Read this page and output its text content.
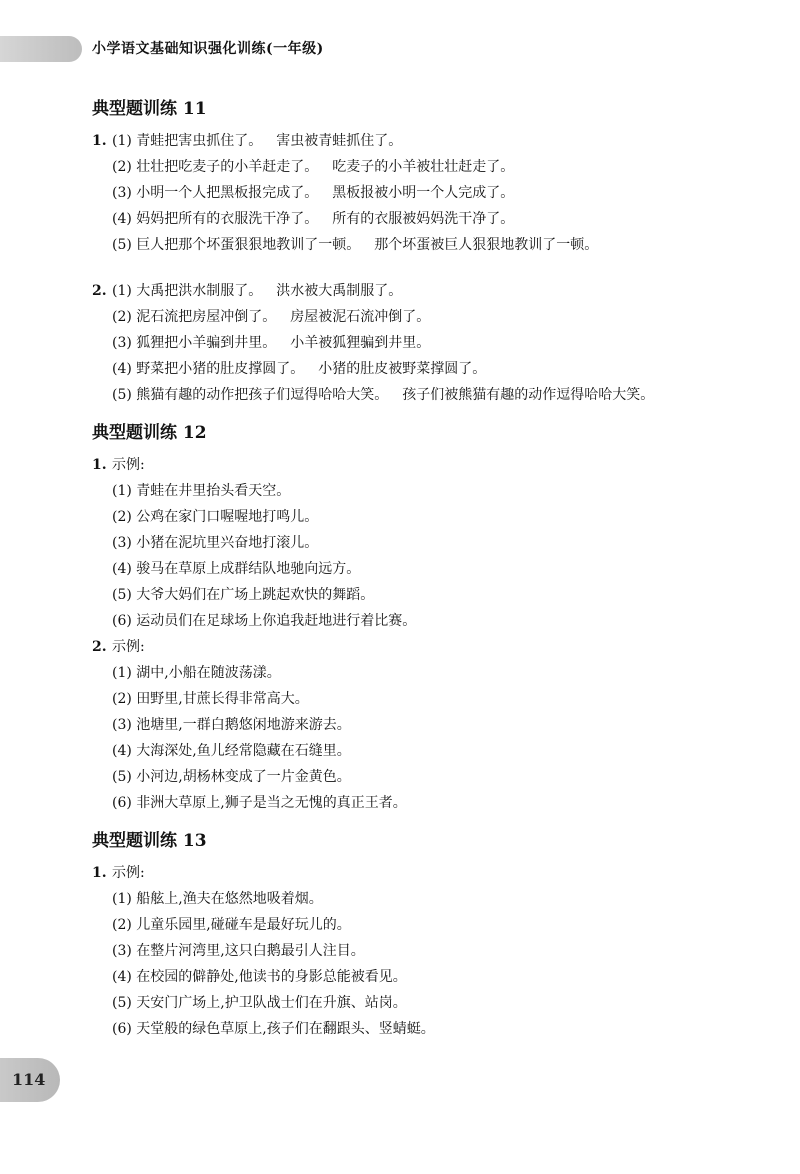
小学语文基础知识强化训练(一年级)
典型题训练 11
1. (1) 青蛙把害虫抓住了。 害虫被青蛙抓住了。
(2) 壮壮把吃麦子的小羊赶走了。 吃麦子的小羊被壮壮赶走了。
(3) 小明一个人把黑板报完成了。 黑板报被小明一个人完成了。
(4) 妈妈把所有的衣服洗干净了。 所有的衣服被妈妈洗干净了。
(5) 巨人把那个坏蛋狠狠地教训了一顿。 那个坏蛋被巨人狠狠地教训了一顿。
2. (1) 大禹把洪水制服了。 洪水被大禹制服了。
(2) 泥石流把房屋冲倒了。 房屋被泥石流冲倒了。
(3) 狐狸把小羊骗到井里。 小羊被狐狸骗到井里。
(4) 野菜把小猪的肚皮撑圆了。 小猪的肚皮被野菜撑圆了。
(5) 熊猫有趣的动作把孩子们逗得哈哈大笑。 孩子们被熊猫有趣的动作逗得哈哈大笑。
典型题训练 12
1. 示例:
(1) 青蛙在井里抬头看天空。
(2) 公鸡在家门口喔喔地打鸣儿。
(3) 小猪在泥坑里兴奋地打滚儿。
(4) 骏马在草原上成群结队地驰向远方。
(5) 大爷大妈们在广场上跳起欢快的舞蹈。
(6) 运动员们在足球场上你追我赶地进行着比赛。
2. 示例:
(1) 湖中,小船在随波荡漾。
(2) 田野里,甘蔗长得非常高大。
(3) 池塘里,一群白鹅悠闲地游来游去。
(4) 大海深处,鱼儿经常隐藏在石缝里。
(5) 小河边,胡杨林变成了一片金黄色。
(6) 非洲大草原上,狮子是当之无愧的真正王者。
典型题训练 13
1. 示例:
(1) 船舷上,渔夫在悠然地吸着烟。
(2) 儿童乐园里,碰碰车是最好玩儿的。
(3) 在整片河湾里,这只白鹅最引人注目。
(4) 在校园的僻静处,他读书的身影总能被看见。
(5) 天安门广场上,护卫队战士们在升旗、站岗。
(6) 天堂般的绿色草原上,孩子们在翻跟头、竖蜻蜓。
114
